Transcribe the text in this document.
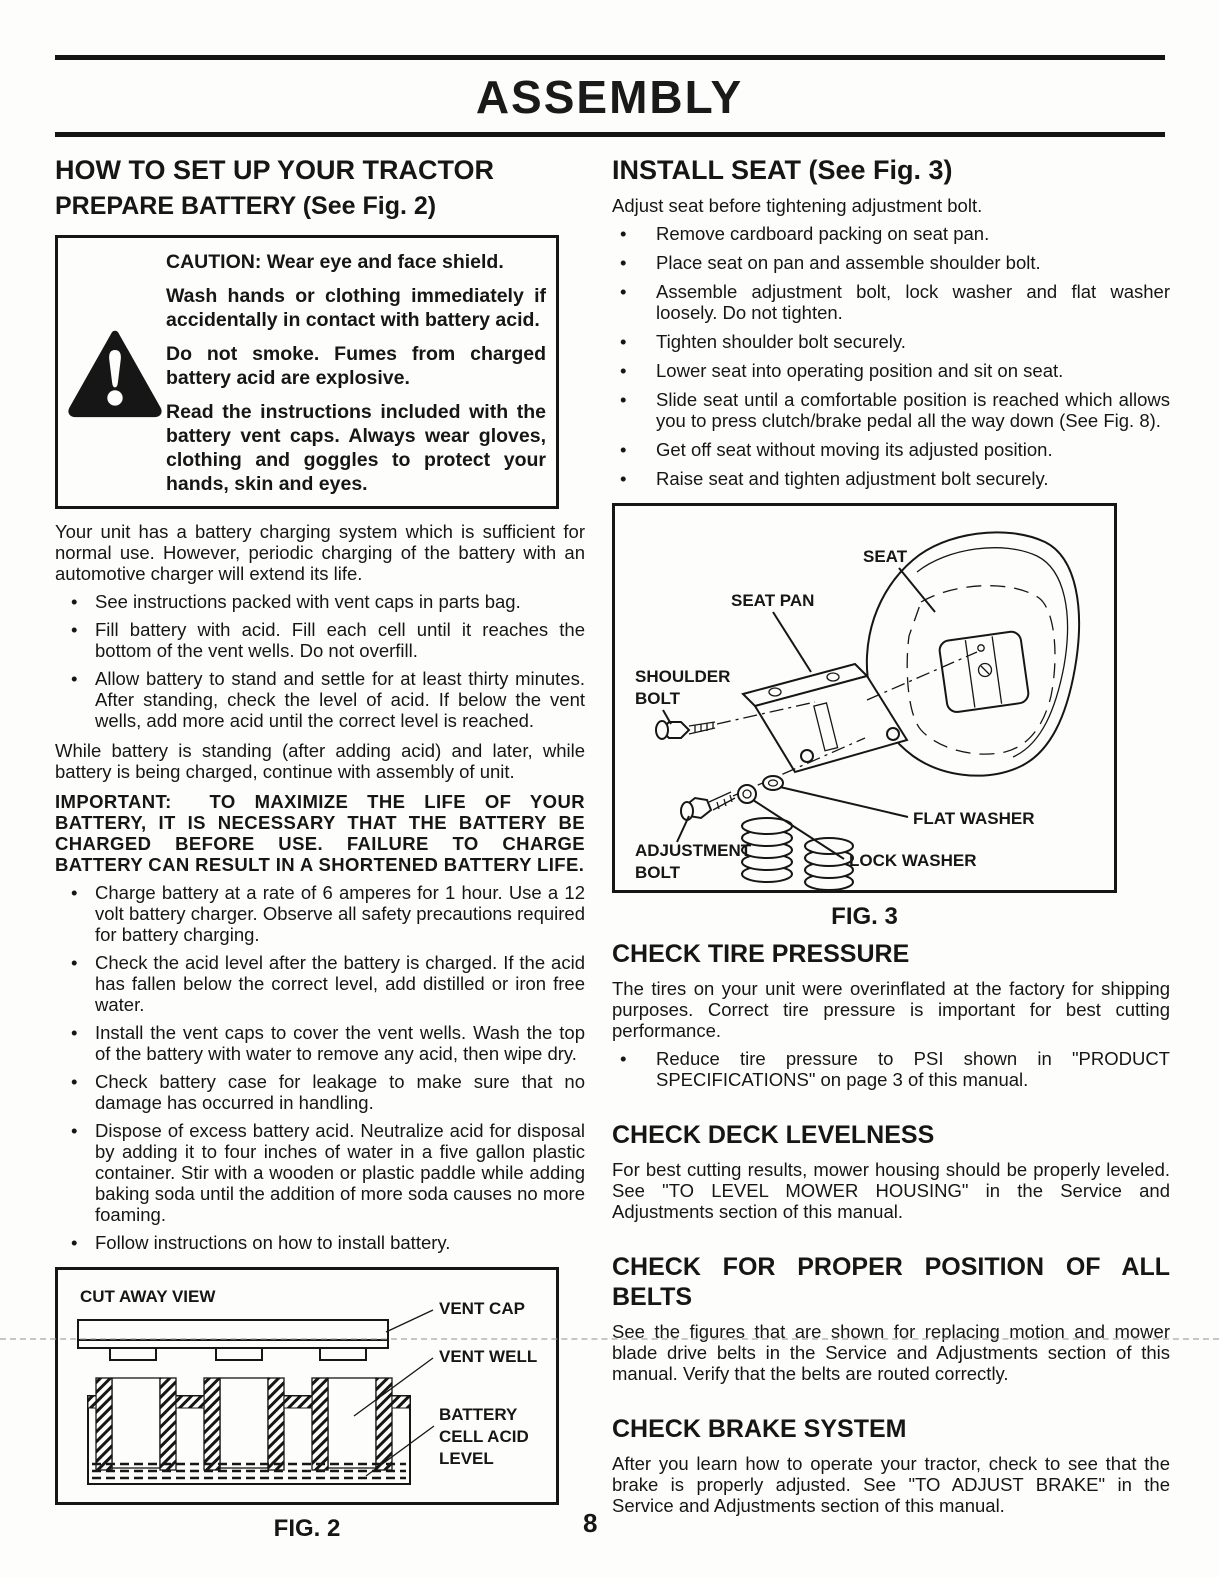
ASSEMBLY
HOW TO SET UP YOUR TRACTOR
PREPARE BATTERY (See Fig. 2)

CAUTION: Wear eye and face shield.

Wash hands or clothing immediately if accidentally in contact with battery acid.

Do not smoke. Fumes from charged battery acid are explosive.

Read the instructions included with the battery vent caps. Always wear gloves, clothing and goggles to protect your hands, skin and eyes.

Your unit has a battery charging system which is sufficient for normal use. However, periodic charging of the battery with an automotive charger will extend its life.

• See instructions packed with vent caps in parts bag.
• Fill battery with acid. Fill each cell until it reaches the bottom of the vent wells. Do not overfill.
• Allow battery to stand and settle for at least thirty minutes. After standing, check the level of acid. If below the vent wells, add more acid until the correct level is reached.

While battery is standing (after adding acid) and later, while battery is being charged, continue with assembly of unit.

IMPORTANT: TO MAXIMIZE THE LIFE OF YOUR BATTERY, IT IS NECESSARY THAT THE BATTERY BE CHARGED BEFORE USE. FAILURE TO CHARGE BATTERY CAN RESULT IN A SHORTENED BATTERY LIFE.

• Charge battery at a rate of 6 amperes for 1 hour. Use a 12 volt battery charger. Observe all safety precautions required for battery charging.
• Check the acid level after the battery is charged. If the acid has fallen below the correct level, add distilled or iron free water.
• Install the vent caps to cover the vent wells. Wash the top of the battery with water to remove any acid, then wipe dry.
• Check battery case for leakage to make sure that no damage has occurred in handling.
• Dispose of excess battery acid. Neutralize acid for disposal by adding it to four inches of water in a five gallon plastic container. Stir with a wooden or plastic paddle while adding baking soda until the addition of more soda causes no more foaming.
• Follow instructions on how to install battery.
CUT AWAY VIEW
VENT CAP
VENT WELL
BATTERY
CELL ACID
LEVEL
FIG. 2
INSTALL SEAT (See Fig. 3)

Adjust seat before tightening adjustment bolt.

• Remove cardboard packing on seat pan.
• Place seat on pan and assemble shoulder bolt.
• Assemble adjustment bolt, lock washer and flat washer loosely. Do not tighten.
• Tighten shoulder bolt securely.
• Lower seat into operating position and sit on seat.
• Slide seat until a comfortable position is reached which allows you to press clutch/brake pedal all the way down (See Fig. 8).
• Get off seat without moving its adjusted position.
• Raise seat and tighten adjustment bolt securely.
SEAT
SEAT PAN
SHOULDER
BOLT
FLAT WASHER
LOCK WASHER
ADJUSTMENT
BOLT
FIG. 3
CHECK TIRE PRESSURE

The tires on your unit were overinflated at the factory for shipping purposes. Correct tire pressure is important for best cutting performance.

• Reduce tire pressure to PSI shown in "PRODUCT SPECIFICATIONS" on page 3 of this manual.
CHECK DECK LEVELNESS

For best cutting results, mower housing should be properly leveled. See "TO LEVEL MOWER HOUSING" in the Service and Adjustments section of this manual.

CHECK FOR PROPER POSITION OF ALL BELTS

See the figures that are shown for replacing motion and mower blade drive belts in the Service and Adjustments section of this manual. Verify that the belts are routed correctly.

CHECK BRAKE SYSTEM

After you learn how to operate your tractor, check to see that the brake is properly adjusted. See "TO ADJUST BRAKE" in the Service and Adjustments section of this manual.

8
